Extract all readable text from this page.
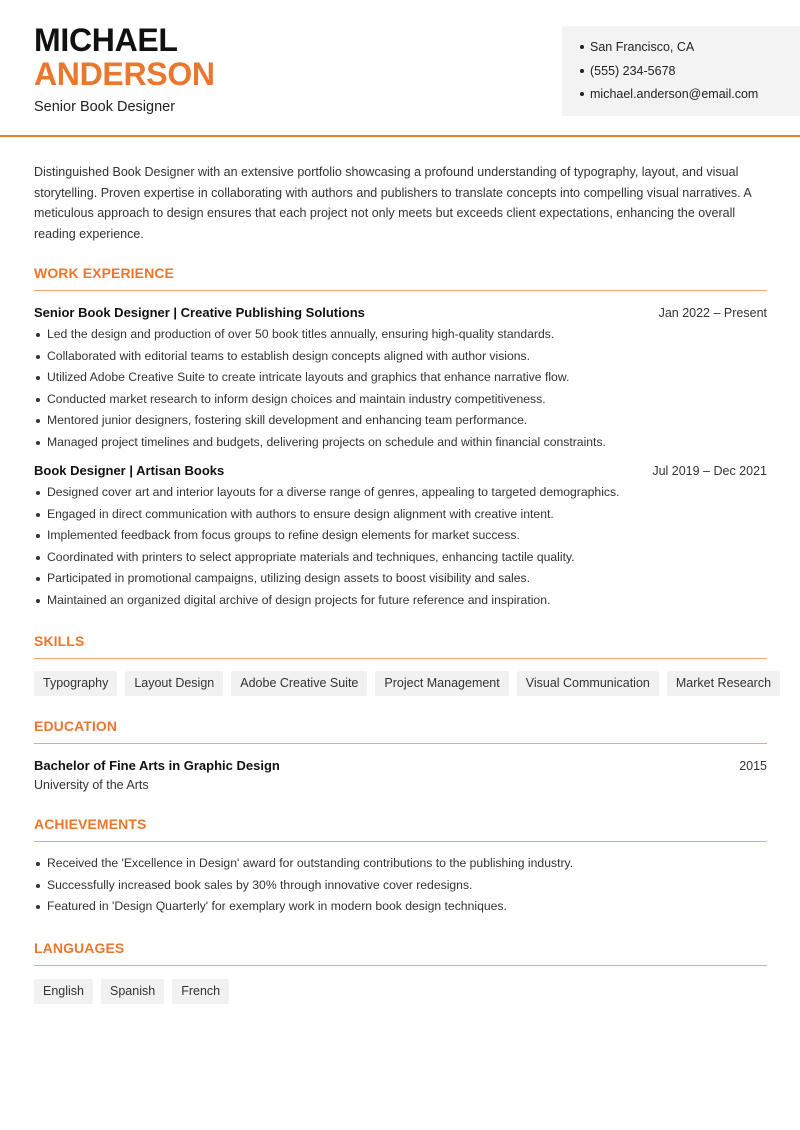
MICHAEL
ANDERSON
Senior Book Designer
San Francisco, CA
(555) 234-5678
michael.anderson@email.com

Distinguished Book Designer with an extensive portfolio showcasing a profound understanding of typography, layout, and visual storytelling. Proven expertise in collaborating with authors and publishers to translate concepts into compelling visual narratives. A meticulous approach to design ensures that each project not only meets but exceeds client expectations, enhancing the overall reading experience.

WORK EXPERIENCE
Senior Book Designer | Creative Publishing Solutions	Jan 2022 – Present
Led the design and production of over 50 book titles annually, ensuring high-quality standards.
Collaborated with editorial teams to establish design concepts aligned with author visions.
Utilized Adobe Creative Suite to create intricate layouts and graphics that enhance narrative flow.
Conducted market research to inform design choices and maintain industry competitiveness.
Mentored junior designers, fostering skill development and enhancing team performance.
Managed project timelines and budgets, delivering projects on schedule and within financial constraints.
Book Designer | Artisan Books	Jul 2019 – Dec 2021
Designed cover art and interior layouts for a diverse range of genres, appealing to targeted demographics.
Engaged in direct communication with authors to ensure design alignment with creative intent.
Implemented feedback from focus groups to refine design elements for market success.
Coordinated with printers to select appropriate materials and techniques, enhancing tactile quality.
Participated in promotional campaigns, utilizing design assets to boost visibility and sales.
Maintained an organized digital archive of design projects for future reference and inspiration.
SKILLS
Typography	Layout Design	Adobe Creative Suite	Project Management	Visual Communication	Market Research
EDUCATION
Bachelor of Fine Arts in Graphic Design	2015
University of the Arts
ACHIEVEMENTS
Received the 'Excellence in Design' award for outstanding contributions to the publishing industry.
Successfully increased book sales by 30% through innovative cover redesigns.
Featured in 'Design Quarterly' for exemplary work in modern book design techniques.
LANGUAGES
English	Spanish	French
